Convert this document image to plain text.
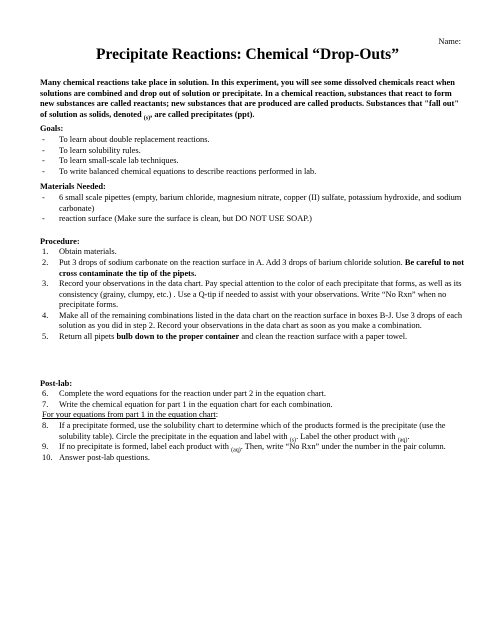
Name:
Precipitate Reactions: Chemical “Drop-Outs”

Many chemical reactions take place in solution. In this experiment, you will see some dissolved chemicals react when solutions are combined and drop out of solution or precipitate. In a chemical reaction, substances that react to form new substances are called reactants; new substances that are produced are called products. Substances that "fall out" of solution as solids, denoted $_{(s)}$, are called precipitates (ppt).

Goals:

- To learn about double replacement reactions.
- To learn solubility rules.
- To learn small-scale lab techniques.
- To write balanced chemical equations to describe reactions performed in lab.

Materials Needed:

- 6 small scale pipettes (empty, barium chloride, magnesium nitrate, copper (II) sulfate, potassium hydroxide, and sodium carbonate)
- reaction surface (Make sure the surface is clean, but DO NOT USE SOAP.)

Procedure:

1. Obtain materials.
2. Put 3 drops of sodium carbonate on the reaction surface in A. Add 3 drops of barium chloride solution. Be careful to not cross contaminate the tip of the pipets.
3. Record your observations in the data chart. Pay special attention to the color of each precipitate that forms, as well as its consistency (grainy, clumpy, etc.) . Use a Q-tip if needed to assist with your observations. Write “No Rxn” when no precipitate forms.
4. Make all of the remaining combinations listed in the data chart on the reaction surface in boxes B-J. Use 3 drops of each solution as you did in step 2. Record your observations in the data chart as soon as you make a combination.
5. Return all pipets bulb down to the proper container and clean the reaction surface with a paper towel.

Post-lab:

6. Complete the word equations for the reaction under part 2 in the equation chart.
7. Write the chemical equation for part 1 in the equation chart for each combination.
For your equations from part 1 in the equation chart:
8. If a precipitate formed, use the solubility chart to determine which of the products formed is the precipitate (use the solubility table). Circle the precipitate in the equation and label with $_{(s)}$. Label the other product with $_{(aq)}$.
9. If no precipitate is formed, label each product with $_{(aq)}$. Then, write “No Rxn” under the number in the pair column.
10. Answer post-lab questions.
